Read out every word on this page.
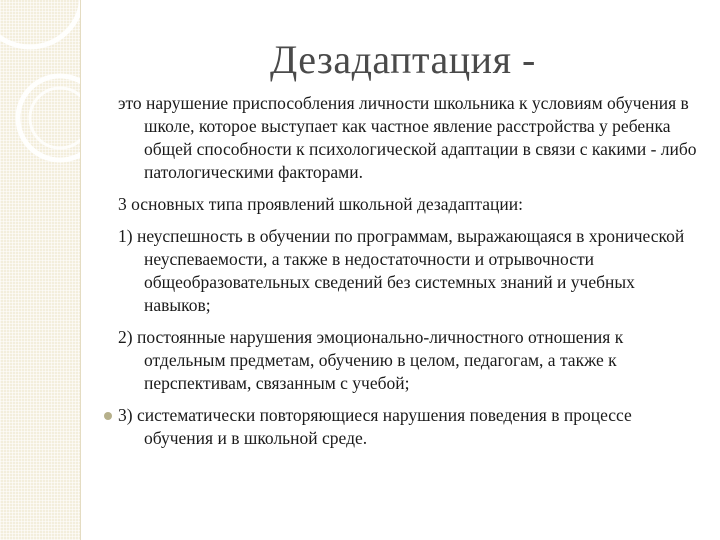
Дезадаптация -

это нарушение приспособления личности школьника к условиям обучения в школе, которое выступает как частное явление расстройства у ребенка общей способности к психологической адаптации в связи с какими - либо патологическими факторами.

3 основных типа проявлений школьной дезадаптации:

1) неуспешность в обучении по программам, выражающаяся в хронической неуспеваемости, а также в недостаточности и отрывочности общеобразовательных сведений без системных знаний и учебных навыков;

2) постоянные нарушения эмоционально-личностного отношения к отдельным предметам, обучению в целом, педагогам, а также к перспективам, связанным с учебой;

3) систематически повторяющиеся нарушения поведения в процессе обучения и в школьной среде.
